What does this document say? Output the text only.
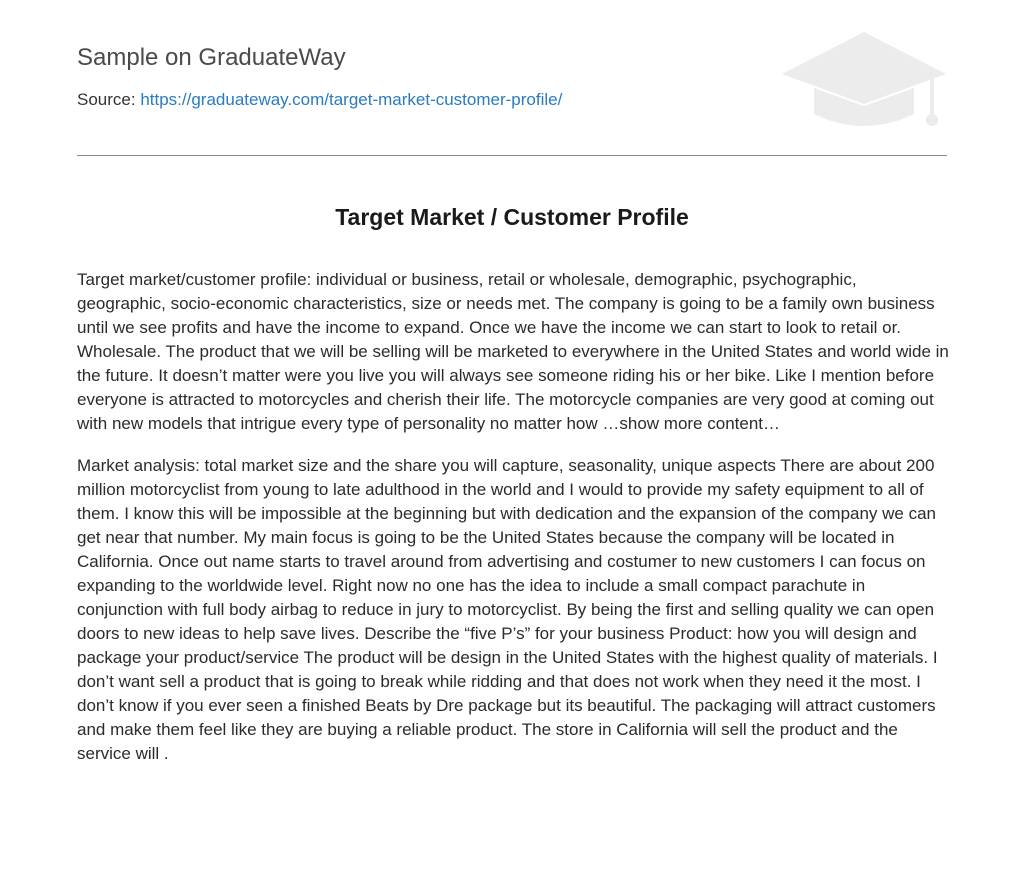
Sample on GraduateWay
Source: https://graduateway.com/target-market-customer-profile/
Target Market / Customer Profile

Target market/customer profile: individual or business, retail or wholesale, demographic, psychographic, geographic, socio-economic characteristics, size or needs met. The company is going to be a family own business until we see profits and have the income to expand. Once we have the income we can start to look to retail or. Wholesale. The product that we will be selling will be marketed to everywhere in the United States and world wide in the future. It doesn’t matter were you live you will always see someone riding his or her bike. Like I mention before everyone is attracted to motorcycles and cherish their life. The motorcycle companies are very good at coming out with new models that intrigue every type of personality no matter how …show more content…

Market analysis: total market size and the share you will capture, seasonality, unique aspects There are about 200 million motorcyclist from young to late adulthood in the world and I would to provide my safety equipment to all of them. I know this will be impossible at the beginning but with dedication and the expansion of the company we can get near that number. My main focus is going to be the United States because the company will be located in California. Once out name starts to travel around from advertising and costumer to new customers I can focus on expanding to the worldwide level. Right now no one has the idea to include a small compact parachute in conjunction with full body airbag to reduce in jury to motorcyclist. By being the first and selling quality we can open doors to new ideas to help save lives. Describe the “five P’s” for your business Product: how you will design and package your product/service The product will be design in the United States with the highest quality of materials. I don’t want sell a product that is going to break while ridding and that does not work when they need it the most. I don’t know if you ever seen a finished Beats by Dre package but its beautiful. The packaging will attract customers and make them feel like they are buying a reliable product. The store in California will sell the product and the service will .
